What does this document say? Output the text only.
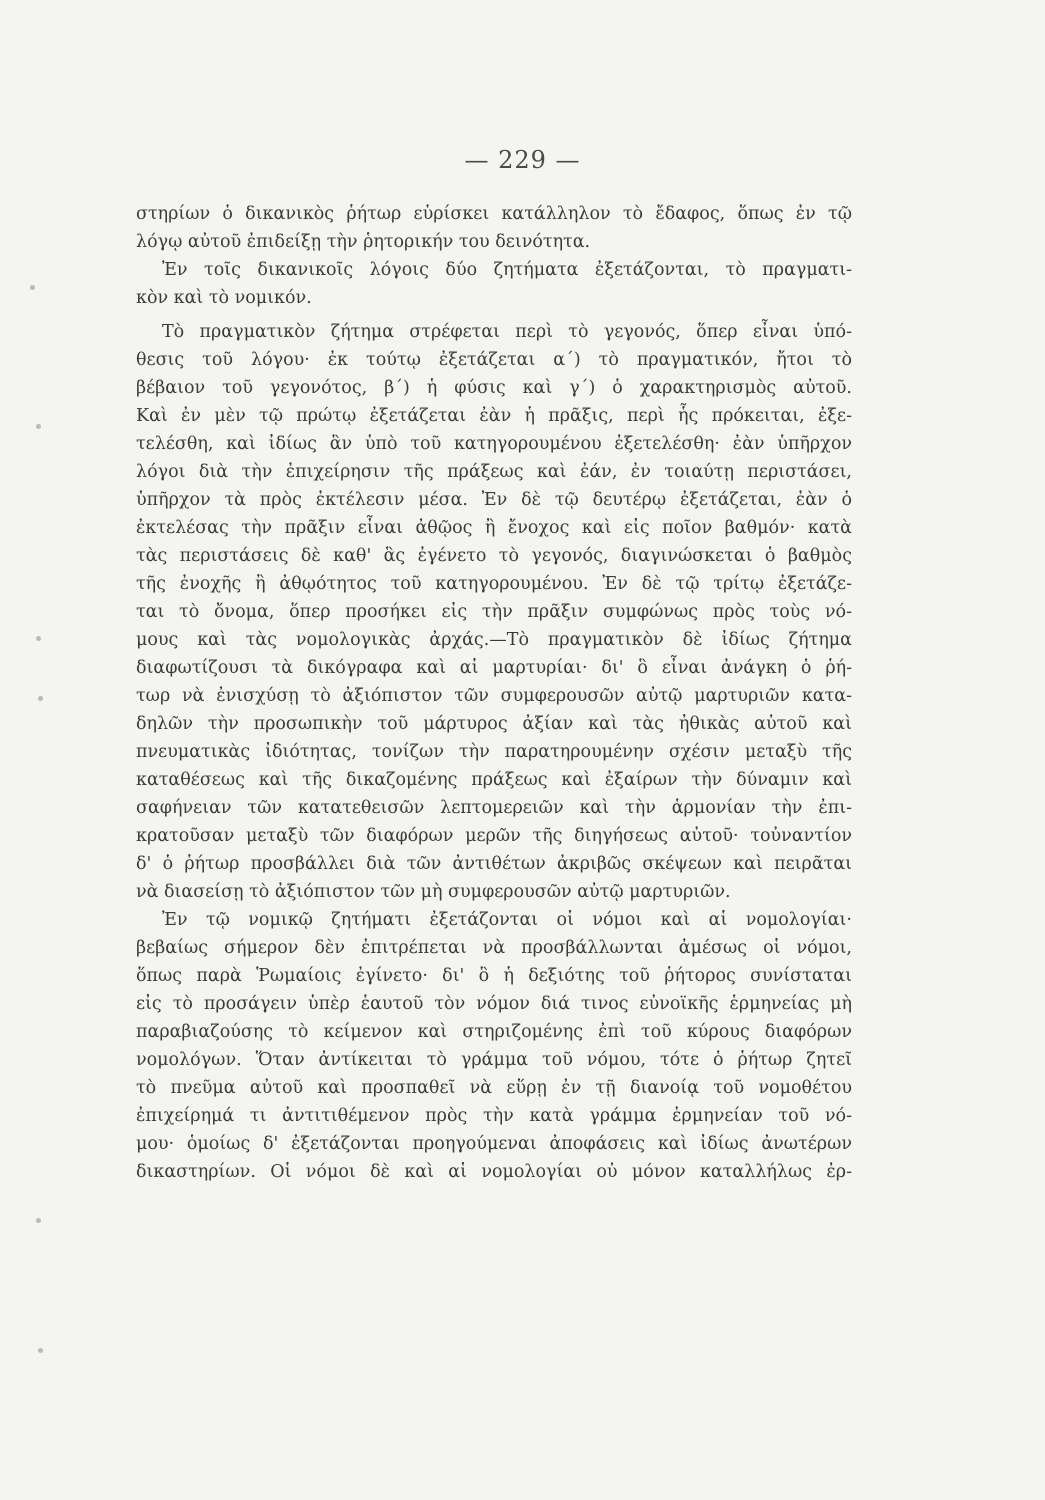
— 229 —
στηρίων ὁ δικανικὸς ῥήτωρ εὑρίσκει κατάλληλον τὸ ἔδαφος, ὅπως ἐν τῷ
λόγῳ αὐτοῦ ἐπιδείξῃ τὴν ῥητορικήν του δεινότητα.
Ἐν τοῖς δικανικοῖς λόγοις δύο ζητήματα ἐξετάζονται, τὸ πραγματι-
κὸν καὶ τὸ νομικόν.
Τὸ πραγματικὸν ζήτημα στρέφεται περὶ τὸ γεγονός, ὅπερ εἶναι ὑπό-
θεσις τοῦ λόγου· ἐκ τούτῳ ἐξετάζεται α΄) τὸ πραγματικόν, ἤτοι τὸ
βέβαιον τοῦ γεγονότος, β΄) ἡ φύσις καὶ γ΄) ὁ χαρακτηρισμὸς αὐτοῦ.
Καὶ ἐν μὲν τῷ πρώτῳ ἐξετάζεται ἐὰν ἡ πρᾶξις, περὶ ἧς πρόκειται, ἐξε-
τελέσθη, καὶ ἰδίως ἂν ὑπὸ τοῦ κατηγορουμένου ἐξετελέσθη· ἐὰν ὑπῆρχον
λόγοι διὰ τὴν ἐπιχείρησιν τῆς πράξεως καὶ ἐάν, ἐν τοιαύτῃ περιστάσει,
ὑπῆρχον τὰ πρὸς ἐκτέλεσιν μέσα. Ἐν δὲ τῷ δευτέρῳ ἐξετάζεται, ἐὰν ὁ
ἐκτελέσας τὴν πρᾶξιν εἶναι ἀθῷος ἢ ἔνοχος καὶ εἰς ποῖον βαθμόν· κατὰ
τὰς περιστάσεις δὲ καθ' ἃς ἐγένετο τὸ γεγονός, διαγινώσκεται ὁ βαθμὸς
τῆς ἐνοχῆς ἢ ἀθῳότητος τοῦ κατηγορουμένου. Ἐν δὲ τῷ τρίτῳ ἐξετάζε-
ται τὸ ὄνομα, ὅπερ προσήκει εἰς τὴν πρᾶξιν συμφώνως πρὸς τοὺς νό-
μους καὶ τὰς νομολογικὰς ἀρχάς.—Τὸ πραγματικὸν δὲ ἰδίως ζήτημα
διαφωτίζουσι τὰ δικόγραφα καὶ αἱ μαρτυρίαι· δι' ὃ εἶναι ἀνάγκη ὁ ῥή-
τωρ νὰ ἐνισχύσῃ τὸ ἀξιόπιστον τῶν συμφερουσῶν αὐτῷ μαρτυριῶν κατα-
δηλῶν τὴν προσωπικὴν τοῦ μάρτυρος ἀξίαν καὶ τὰς ἠθικὰς αὐτοῦ καὶ
πνευματικὰς ἰδιότητας, τονίζων τὴν παρατηρουμένην σχέσιν μεταξὺ τῆς
καταθέσεως καὶ τῆς δικαζομένης πράξεως καὶ ἐξαίρων τὴν δύναμιν καὶ
σαφήνειαν τῶν κατατεθεισῶν λεπτομερειῶν καὶ τὴν ἁρμονίαν τὴν ἐπι-
κρατοῦσαν μεταξὺ τῶν διαφόρων μερῶν τῆς διηγήσεως αὐτοῦ· τοὐναντίον
δ' ὁ ῥήτωρ προσβάλλει διὰ τῶν ἀντιθέτων ἀκριβῶς σκέψεων καὶ πειρᾶται
νὰ διασείσῃ τὸ ἀξιόπιστον τῶν μὴ συμφερουσῶν αὐτῷ μαρτυριῶν.
Ἐν τῷ νομικῷ ζητήματι ἐξετάζονται οἱ νόμοι καὶ αἱ νομολογίαι·
βεβαίως σήμερον δὲν ἐπιτρέπεται νὰ προσβάλλωνται ἀμέσως οἱ νόμοι,
ὅπως παρὰ Ῥωμαίοις ἐγίνετο· δι' ὃ ἡ δεξιότης τοῦ ῥήτορος συνίσταται
εἰς τὸ προσάγειν ὑπὲρ ἑαυτοῦ τὸν νόμον διά τινος εὐνοϊκῆς ἑρμηνείας μὴ
παραβιαζούσης τὸ κείμενον καὶ στηριζομένης ἐπὶ τοῦ κύρους διαφόρων
νομολόγων. Ὅταν ἀντίκειται τὸ γράμμα τοῦ νόμου, τότε ὁ ῥήτωρ ζητεῖ
τὸ πνεῦμα αὐτοῦ καὶ προσπαθεῖ νὰ εὕρῃ ἐν τῇ διανοίᾳ τοῦ νομοθέτου
ἐπιχείρημά τι ἀντιτιθέμενον πρὸς τὴν κατὰ γράμμα ἑρμηνείαν τοῦ νό-
μου· ὁμοίως δ' ἐξετάζονται προηγούμεναι ἀποφάσεις καὶ ἰδίως ἀνωτέρων
δικαστηρίων. Οἱ νόμοι δὲ καὶ αἱ νομολογίαι οὐ μόνον καταλλήλως ἐρ-
